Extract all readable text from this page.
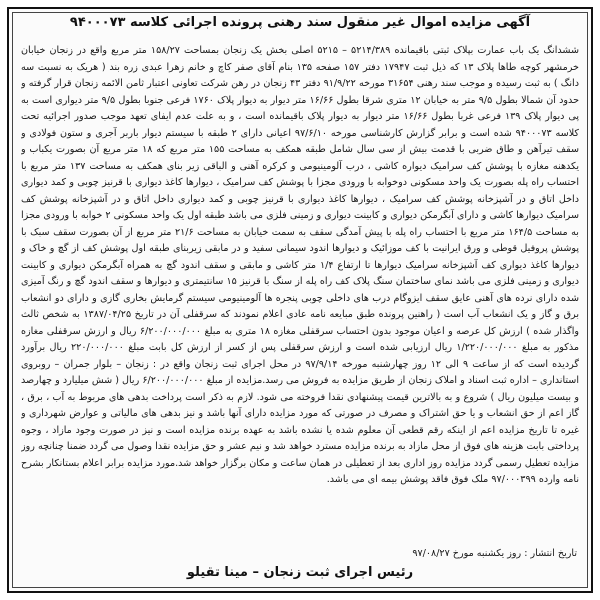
آگهی مزایده اموال غیر منقول سند رهنی پرونده اجرائی کلاسه ۹۴۰۰۰۷۳
ششدانگ یک باب عمارت بپلاک ثبتی باقیمانده ۵۲۱۴/۳۸۹ – ۵۲۱۵ اصلی بخش یک زنجان بمساحت ۱۵۸/۲۷ متر مربع واقع در زنجان خیابان خرمشهر کوچه طاها پلاک ۱۳ که ذیل ثبت ۱۷۹۴۷ دفتر ۱۵۷ صفحه ۱۳۵ بنام آقای صفر کاچ و خانم زهرا عبدی زره بند ( هریک به نسبت سه دانگ ) به ثبت رسیده و موجب سند رهنی ۳۱۶۵۴ مورخه ۹۱/۹/۲۲ دفتر ۴۳ زنجان در رهن شرکت تعاونی اعتبار ثامن الائمه زنجان قرار گرفته و حدود آن شمالا بطول ۹/۵ متر به خیابان ۱۲ متری شرقا بطول ۱۶/۶۶ متر دیوار به دیوار پلاک ۱۷۶۰ فرعی جنوبا بطول ۹/۵ متر دیواری است به پی دیوار پلاک ۱۳۹ فرعی غربا بطول ۱۶/۶۶ متر دیوار به دیوار پلاک باقیمانده است ، و به علت عدم ایفای تعهد موجب صدور اجرائیه تحت کلاسه ۹۴۰۰۰۷۳ شده است و برابر گزارش کارشناسی مورخه ۹۷/۶/۱۰ اعیانی دارای ۲ طبقه با سیستم دیوار باربر آجری و ستون فولادی و سقف تیرآهن و طاق ضربی با قدمت بیش از سی سال شامل طبقه همکف به مساحت ۱۵۵ متر مربع که ۱۸ متر مربع آن بصورت یکباب و یکدهنه مغازه با پوشش کف سرامیک دیواره کاشی ، درب آلومینیومی و کرکره آهنی و الباقی زیر بنای همکف به مساحت ۱۳۷ متر مربع با احتساب راه پله بصورت یک واحد مسکونی دوخوابه با ورودی مجزا با پوشش کف سرامیک ، دیوارها کاغذ دیواری با قرنیز چوبی و کمد دیواری داخل اتاق و در آشپزخانه پوشش کف سرامیک ، دیوارها کاغذ دیواری با قرنیز چوبی و کمد دیواری داخل اتاق و در آشپزخانه پوشش کف سرامیک دیوارها کاشی و دارای آبگرمکن دیواری و کابینت دیواری و زمینی فلزی می باشد طبقه اول یک واحد مسکونی ۲ خوابه با ورودی مجزا به مساحت ۱۶۴/۵ متر مربع با احتساب راه پله با پیش آمدگی سقف به سمت خیابان به مساحت ۲۱/۶ متر مربع از آن بصورت سقف سبک با پوشش پروفیل قوطی و ورق ایرانیت با کف موزائیک و دیوارها اندود سیمانی سفید و در مابقی زیربنای طبقه اول پوشش کف از گچ و خاک و دیوارها کاغذ دیواری کف آشپزخانه سرامیک دیوارها تا ارتفاع ۱/۴ متر کاشی و مابقی و سقف اندود گچ به همراه آبگرمکن دیواری و کابینت دیواری و زمینی فلزی می باشد نمای ساختمان سنگ پلاک کف راه پله از سنگ با قرنیز ۱۵ سانتیمتری و دیوارها و سقف اندود گچ و رنگ آمیزی شده دارای نرده های آهنی عایق سقف ایزوگام درب های داخلی چوبی پنجره ها آلومینیومی سیستم گرمایش بخاری گازی و دارای دو انشعاب برق و گاز و یک انشعاب آب است ( راهنین پرونده طبق مبایعه نامه عادی اعلام نمودند که سرقفلی آن در تاریخ ۱۳۸۷/۰۴/۲۵ به شخص ثالث واگذار شده ) ارزش کل عرصه و اعیان موجود بدون احتساب سرقفلی مغازه ۱۸ متری به مبلغ ۶/۲۰۰/۰۰۰/۰۰۰ ریال و ارزش سرقفلی مغازه مذکور به مبلغ ۱/۲۲۰/۰۰۰/۰۰۰ ریال ارزیابی شده است و ارزش سرقفلی پس از کسر از ارزش کل بابت مبلغ ۲۲۰/۰۰۰/۰۰۰ ریال برآورد گردیده است که از ساعت ۹ الی ۱۲ روز چهارشنبه مورخه ۹۷/۹/۱۴ در محل اجرای ثبت زنجان واقع در : زنجان – بلوار جمران – روبروی استانداری – اداره ثبت اسناد و املاک زنجان از طریق مزایده به فروش می رسد.مزایده از مبلغ ۶/۲۰۰/۰۰۰/۰۰۰ ریال ( شش میلیارد و چهارصد و بیست میلیون ریال ) شروع و به بالاترین قیمت پیشنهادی نقدا فروخته می شود. لازم به ذکر است پرداخت بدهی های مربوط به آب ، برق ، گاز اعم از حق انشعاب و یا حق اشتراک و مصرف در صورتی که مورد مزایده دارای آنها باشد و نیز بدهی های مالیاتی و عوارض شهرداری و غیره تا تاریخ مزایده اعم از اینکه رقم قطعی آن معلوم شده یا نشده باشد به عهده برنده مزایده است و نیز در صورت وجود مازاد ، وجوه پرداختی بابت هزینه های فوق از محل مازاد به برنده مزایده مسترد خواهد شد و نیم عشر و حق مزایده نقدا وصول می گردد ضمنا چنانچه روز مزایده تعطیل رسمی گردد مزایده روز اداری بعد از تعطیلی در همان ساعت و مکان برگزار خواهد شد.مورد مزایده برابر اعلام بستانکار بشرح نامه وارده ۹۷/۰۰۰۳۹۹ ملک فوق فاقد پوشش بیمه ای می باشد.
تاریخ انتشار : روز یکشنبه مورخ ۹۷/۰۸/۲۷
رئیس اجرای ثبت زنجان – مینا تقیلو
